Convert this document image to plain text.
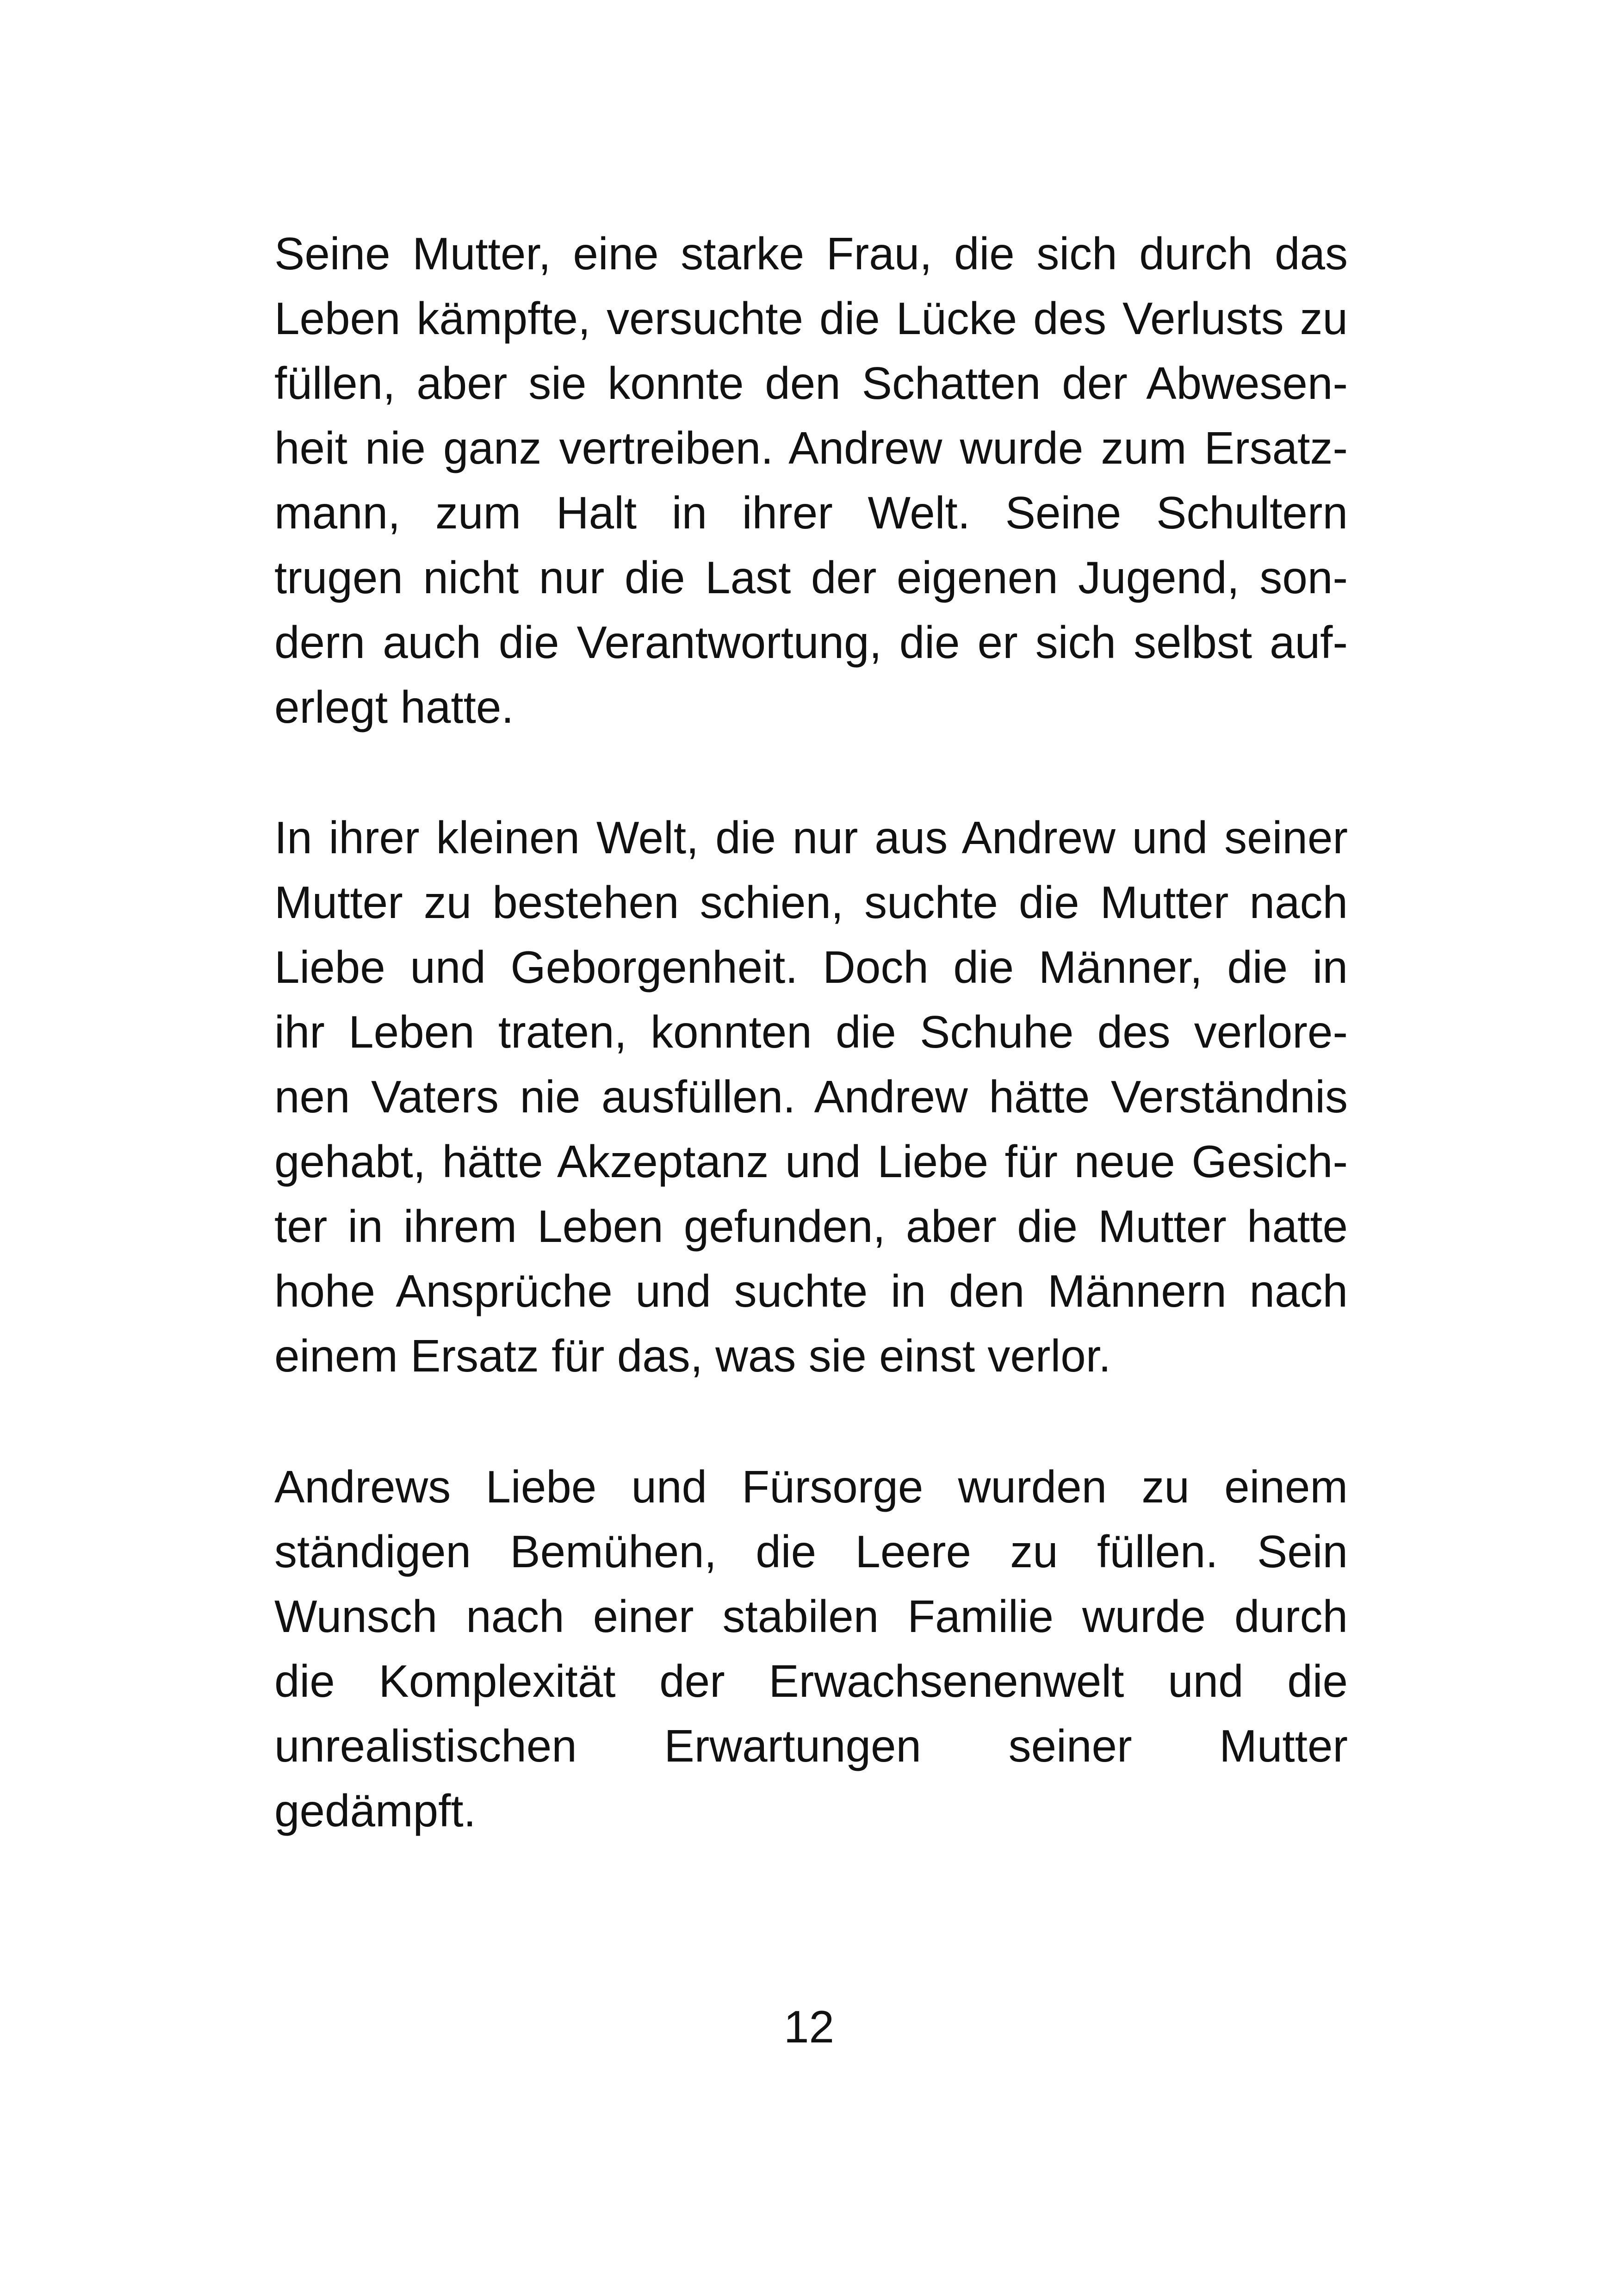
Seine Mutter, eine starke Frau, die sich durch das
Leben kämpfte, versuchte die Lücke des Verlusts zu
füllen, aber sie konnte den Schatten der Abwesen-
heit nie ganz vertreiben. Andrew wurde zum Ersatz-
mann, zum Halt in ihrer Welt. Seine Schultern
trugen nicht nur die Last der eigenen Jugend, son-
dern auch die Verantwortung, die er sich selbst auf-
erlegt hatte.
In ihrer kleinen Welt, die nur aus Andrew und seiner
Mutter zu bestehen schien, suchte die Mutter nach
Liebe und Geborgenheit. Doch die Männer, die in
ihr Leben traten, konnten die Schuhe des verlore-
nen Vaters nie ausfüllen. Andrew hätte Verständnis
gehabt, hätte Akzeptanz und Liebe für neue Gesich-
ter in ihrem Leben gefunden, aber die Mutter hatte
hohe Ansprüche und suchte in den Männern nach
einem Ersatz für das, was sie einst verlor.
Andrews Liebe und Fürsorge wurden zu einem
ständigen Bemühen, die Leere zu füllen. Sein
Wunsch nach einer stabilen Familie wurde durch
die Komplexität der Erwachsenenwelt und die
unrealistischen Erwartungen seiner Mutter
gedämpft.
12
